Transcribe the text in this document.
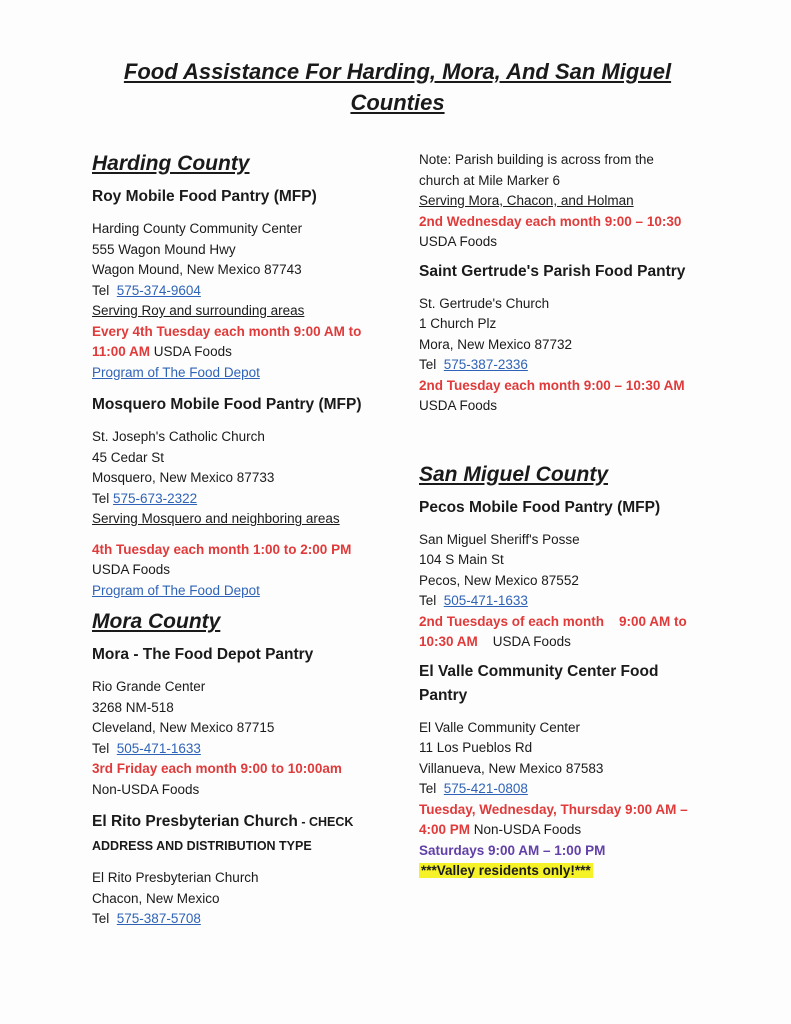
Food Assistance For Harding, Mora, And San Miguel
Counties
Harding County
Roy Mobile Food Pantry (MFP)
Harding County Community Center
555 Wagon Mound Hwy
Wagon Mound, New Mexico 87743
Tel 575-374-9604
Serving Roy and surrounding areas
Every 4th Tuesday each month 9:00 AM to
11:00 AM USDA Foods
Program of The Food Depot
Mosquero Mobile Food Pantry (MFP)
St. Joseph's Catholic Church
45 Cedar St
Mosquero, New Mexico 87733
Tel 575-673-2322
Serving Mosquero and neighboring areas
4th Tuesday each month 1:00 to 2:00 PM
USDA Foods
Program of The Food Depot
Mora County
Mora - The Food Depot Pantry
Rio Grande Center
3268 NM-518
Cleveland, New Mexico 87715
Tel 505-471-1633
3rd Friday each month 9:00 to 10:00am
Non-USDA Foods
El Rito Presbyterian Church - CHECK
ADDRESS AND DISTRIBUTION TYPE
El Rito Presbyterian Church
Chacon, New Mexico
Tel 575-387-5708
Note: Parish building is across from the
church at Mile Marker 6
Serving Mora, Chacon, and Holman
2nd Wednesday each month 9:00 – 10:30
USDA Foods
Saint Gertrude's Parish Food Pantry
St. Gertrude's Church
1 Church Plz
Mora, New Mexico 87732
Tel 575-387-2336
2nd Tuesday each month 9:00 – 10:30 AM
USDA Foods
San Miguel County
Pecos Mobile Food Pantry (MFP)
San Miguel Sheriff's Posse
104 S Main St
Pecos, New Mexico 87552
Tel 505-471-1633
2nd Tuesdays of each month    9:00 AM to
10:30 AM USDA Foods
El Valle Community Center Food
Pantry
El Valle Community Center
11 Los Pueblos Rd
Villanueva, New Mexico 87583
Tel 575-421-0808
Tuesday, Wednesday, Thursday 9:00 AM –
4:00 PM Non-USDA Foods
Saturdays 9:00 AM – 1:00 PM
***Valley residents only!***
